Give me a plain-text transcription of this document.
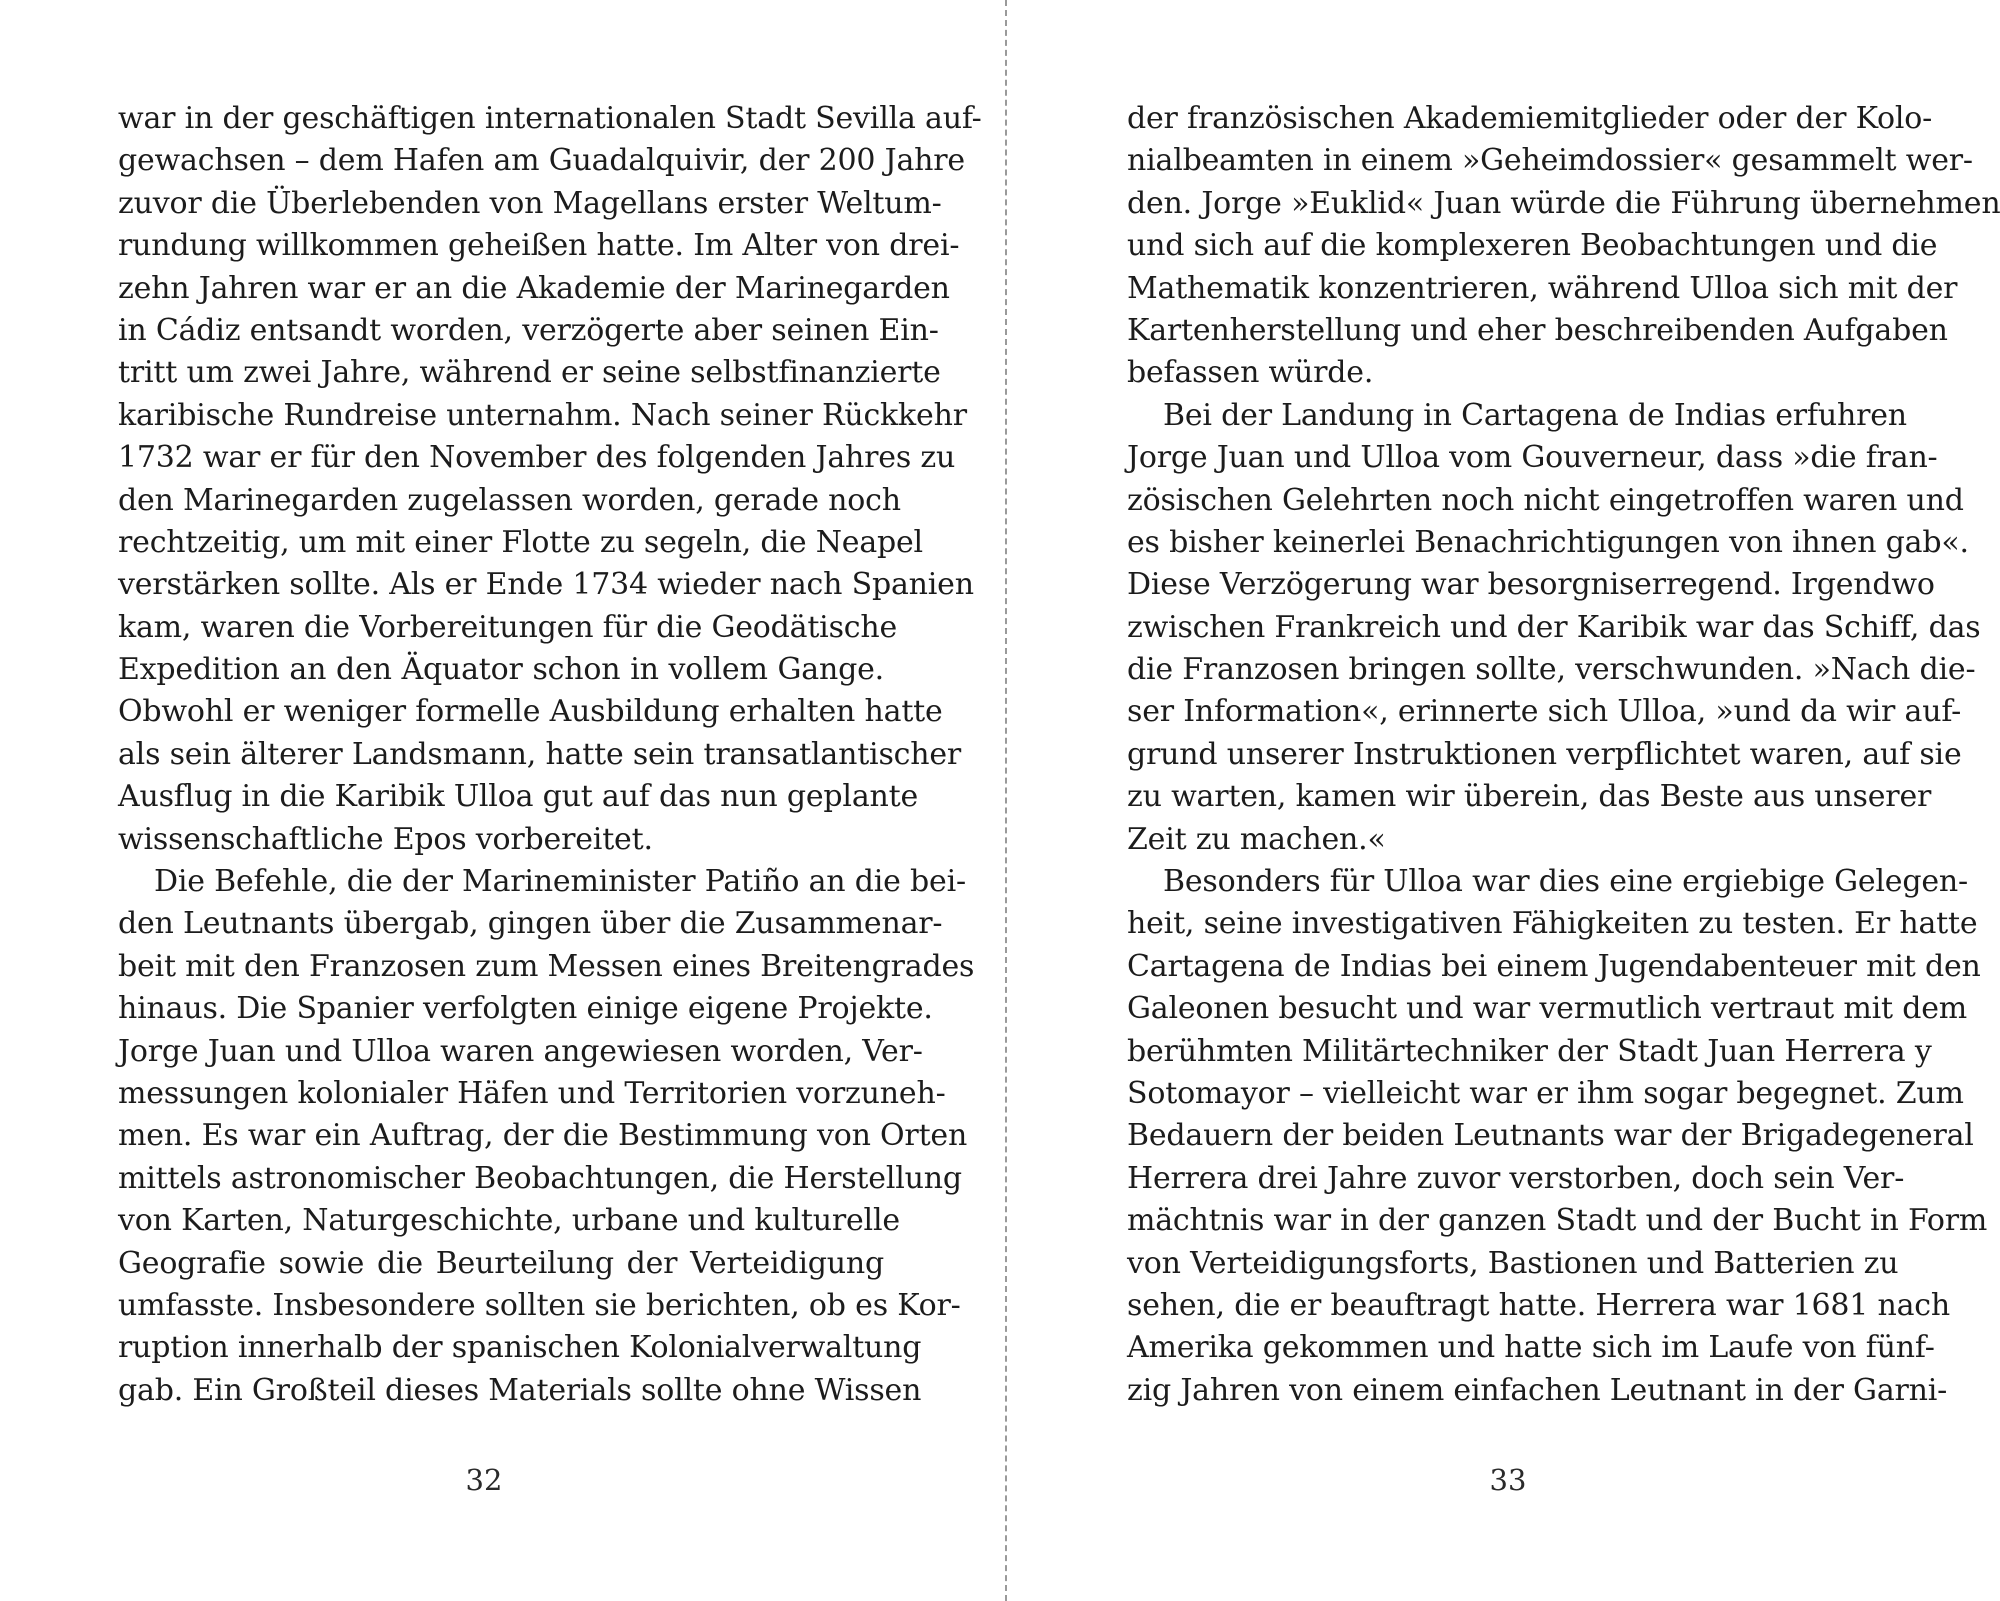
war in der geschäftigen internationalen Stadt Sevilla auf-
gewachsen – dem Hafen am Guadalquivir, der 200 Jahre
zuvor die Überlebenden von Magellans erster Weltum-
rundung willkommen geheißen hatte. Im Alter von drei-
zehn Jahren war er an die Akademie der Marinegarden
in Cádiz entsandt worden, verzögerte aber seinen Ein-
tritt um zwei Jahre, während er seine selbstfinanzierte
karibische Rundreise unternahm. Nach seiner Rückkehr
1732 war er für den November des folgenden Jahres zu
den Marinegarden zugelassen worden, gerade noch
rechtzeitig, um mit einer Flotte zu segeln, die Neapel
verstärken sollte. Als er Ende 1734 wieder nach Spanien
kam, waren die Vorbereitungen für die Geodätische
Expedition an den Äquator schon in vollem Gange.
Obwohl er weniger formelle Ausbildung erhalten hatte
als sein älterer Landsmann, hatte sein transatlantischer
Ausflug in die Karibik Ulloa gut auf das nun geplante
wissenschaftliche Epos vorbereitet.
Die Befehle, die der Marineminister Patiño an die bei-
den Leutnants übergab, gingen über die Zusammenar-
beit mit den Franzosen zum Messen eines Breitengrades
hinaus. Die Spanier verfolgten einige eigene Projekte.
Jorge Juan und Ulloa waren angewiesen worden, Ver-
messungen kolonialer Häfen und Territorien vorzuneh-
men. Es war ein Auftrag, der die Bestimmung von Orten
mittels astronomischer Beobachtungen, die Herstellung
von Karten, Naturgeschichte, urbane und kulturelle
Geografie sowie die Beurteilung der Verteidigung
umfasste. Insbesondere sollten sie berichten, ob es Kor-
ruption innerhalb der spanischen Kolonialverwaltung
gab. Ein Großteil dieses Materials sollte ohne Wissen
der französischen Akademiemitglieder oder der Kolo-
nialbeamten in einem »Geheimdossier« gesammelt wer-
den. Jorge »Euklid« Juan würde die Führung übernehmen
und sich auf die komplexeren Beobachtungen und die
Mathematik konzentrieren, während Ulloa sich mit der
Kartenherstellung und eher beschreibenden Aufgaben
befassen würde.
Bei der Landung in Cartagena de Indias erfuhren
Jorge Juan und Ulloa vom Gouverneur, dass »die fran-
zösischen Gelehrten noch nicht eingetroffen waren und
es bisher keinerlei Benachrichtigungen von ihnen gab«.
Diese Verzögerung war besorgniserregend. Irgendwo
zwischen Frankreich und der Karibik war das Schiff, das
die Franzosen bringen sollte, verschwunden. »Nach die-
ser Information«, erinnerte sich Ulloa, »und da wir auf-
grund unserer Instruktionen verpflichtet waren, auf sie
zu warten, kamen wir überein, das Beste aus unserer
Zeit zu machen.«
Besonders für Ulloa war dies eine ergiebige Gelegen-
heit, seine investigativen Fähigkeiten zu testen. Er hatte
Cartagena de Indias bei einem Jugendabenteuer mit den
Galeonen besucht und war vermutlich vertraut mit dem
berühmten Militärtechniker der Stadt Juan Herrera y
Sotomayor – vielleicht war er ihm sogar begegnet. Zum
Bedauern der beiden Leutnants war der Brigadegeneral
Herrera drei Jahre zuvor verstorben, doch sein Ver-
mächtnis war in der ganzen Stadt und der Bucht in Form
von Verteidigungsforts, Bastionen und Batterien zu
sehen, die er beauftragt hatte. Herrera war 1681 nach
Amerika gekommen und hatte sich im Laufe von fünf-
zig Jahren von einem einfachen Leutnant in der Garni-
32	33
